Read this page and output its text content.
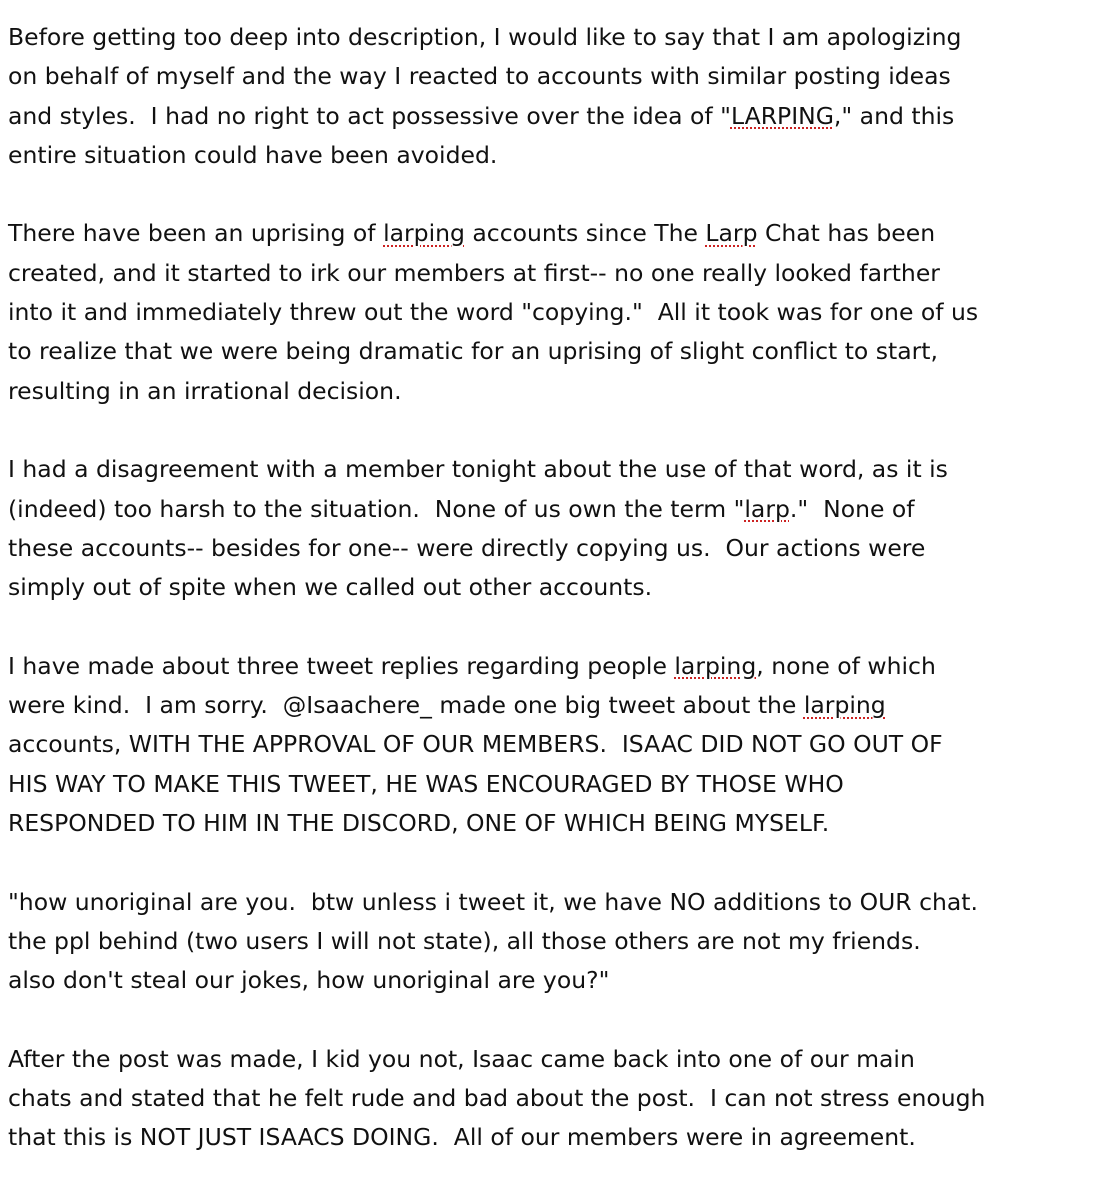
Before getting too deep into description, I would like to say that I am apologizing
on behalf of myself and the way I reacted to accounts with similar posting ideas
and styles.  I had no right to act possessive over the idea of "LARPING," and this
entire situation could have been avoided.
There have been an uprising of larping accounts since The Larp Chat has been
created, and it started to irk our members at first-- no one really looked farther
into it and immediately threw out the word "copying."  All it took was for one of us
to realize that we were being dramatic for an uprising of slight conflict to start,
resulting in an irrational decision.
I had a disagreement with a member tonight about the use of that word, as it is
(indeed) too harsh to the situation.  None of us own the term "larp."  None of
these accounts-- besides for one-- were directly copying us.  Our actions were
simply out of spite when we called out other accounts.
I have made about three tweet replies regarding people larping, none of which
were kind.  I am sorry.  @Isaachere_ made one big tweet about the larping
accounts, WITH THE APPROVAL OF OUR MEMBERS.  ISAAC DID NOT GO OUT OF
HIS WAY TO MAKE THIS TWEET, HE WAS ENCOURAGED BY THOSE WHO
RESPONDED TO HIM IN THE DISCORD, ONE OF WHICH BEING MYSELF.
"how unoriginal are you.  btw unless i tweet it, we have NO additions to OUR chat.
the ppl behind (two users I will not state), all those others are not my friends.
also don't steal our jokes, how unoriginal are you?"
After the post was made, I kid you not, Isaac came back into one of our main
chats and stated that he felt rude and bad about the post.  I can not stress enough
that this is NOT JUST ISAACS DOING.  All of our members were in agreement.
